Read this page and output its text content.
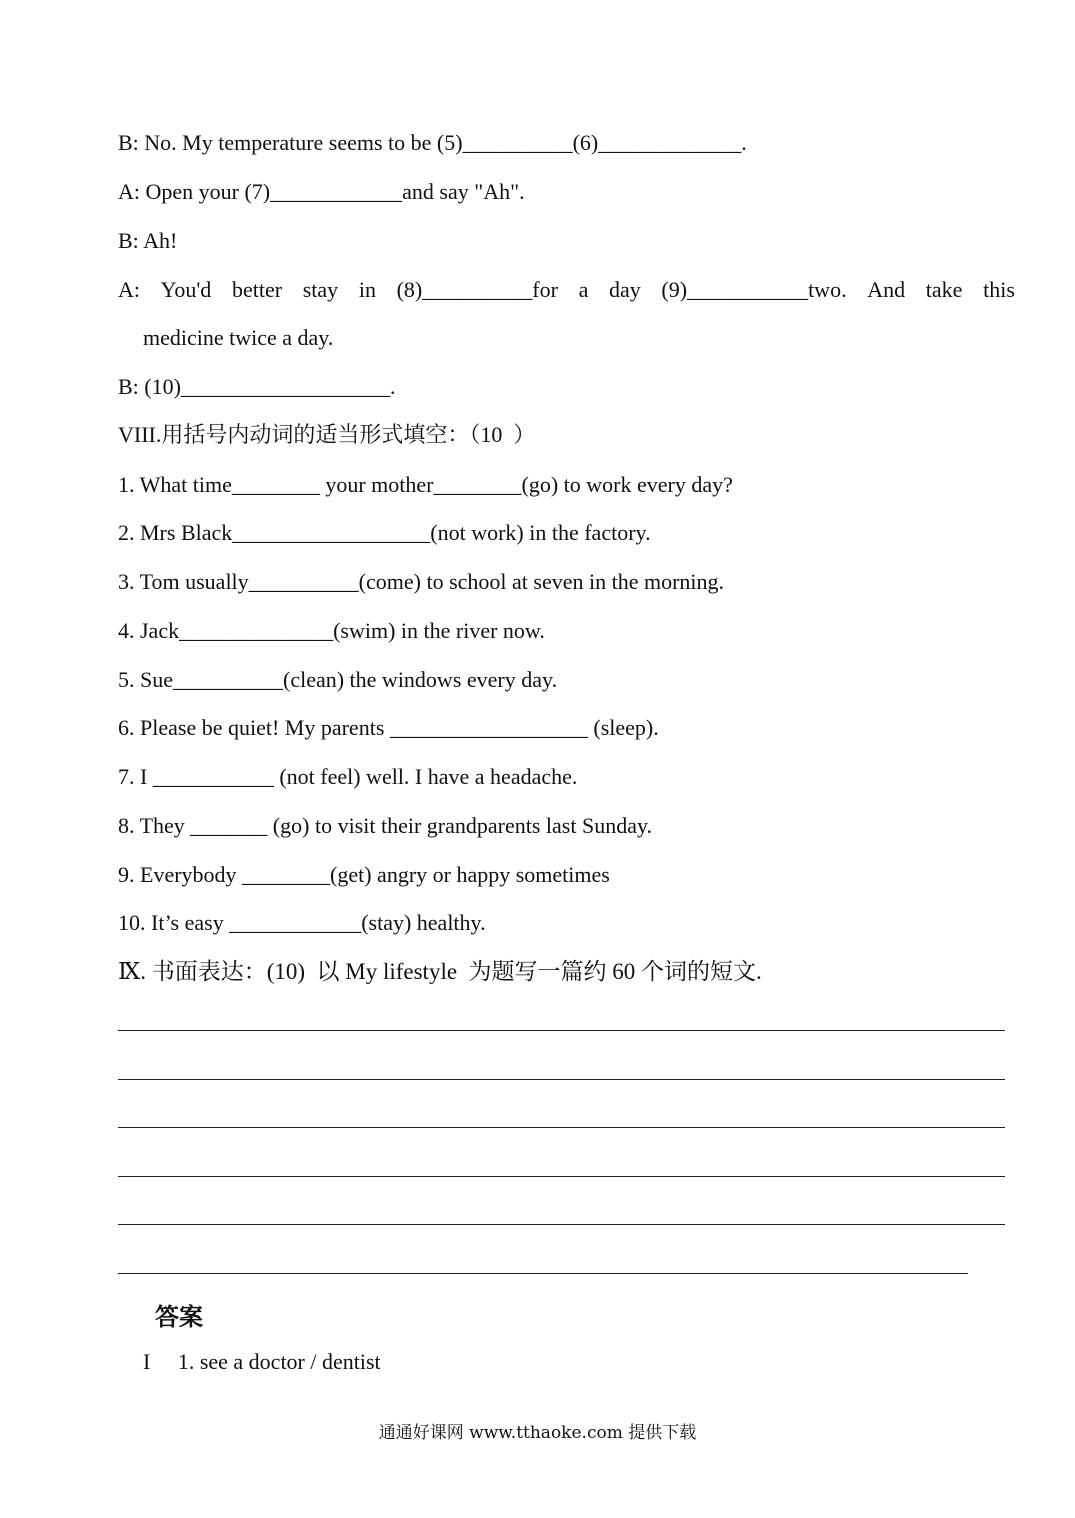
B: No. My temperature seems to be (5)__________(6)_____________.

A: Open your (7)____________and say "Ah".

B: Ah!

A: You'd better stay in (8)__________for a day (9)___________two. And take this

medicine twice a day.

B: (10)___________________.

VIII.用括号内动词的适当形式填空：（10  ）

1. What time________ your mother________(go) to work every day?

2. Mrs Black__________________(not work) in the factory.

3. Tom usually__________(come) to school at seven in the morning.

4. Jack______________(swim) in the river now.

5. Sue__________(clean) the windows every day.

6. Please be quiet! My parents __________________ (sleep).

7. I ___________ (not feel) well. I have a headache.

8. They _______ (go) to visit their grandparents last Sunday.

9. Everybody ________(get) angry or happy sometimes

10. It’s easy ____________(stay) healthy.

Ⅸ. 书面表达：(10)  以 My lifestyle  为题写一篇约 60 个词的短文.

答案

I     1. see a doctor / dentist

通通好课网 www.tthaoke.com 提供下载
